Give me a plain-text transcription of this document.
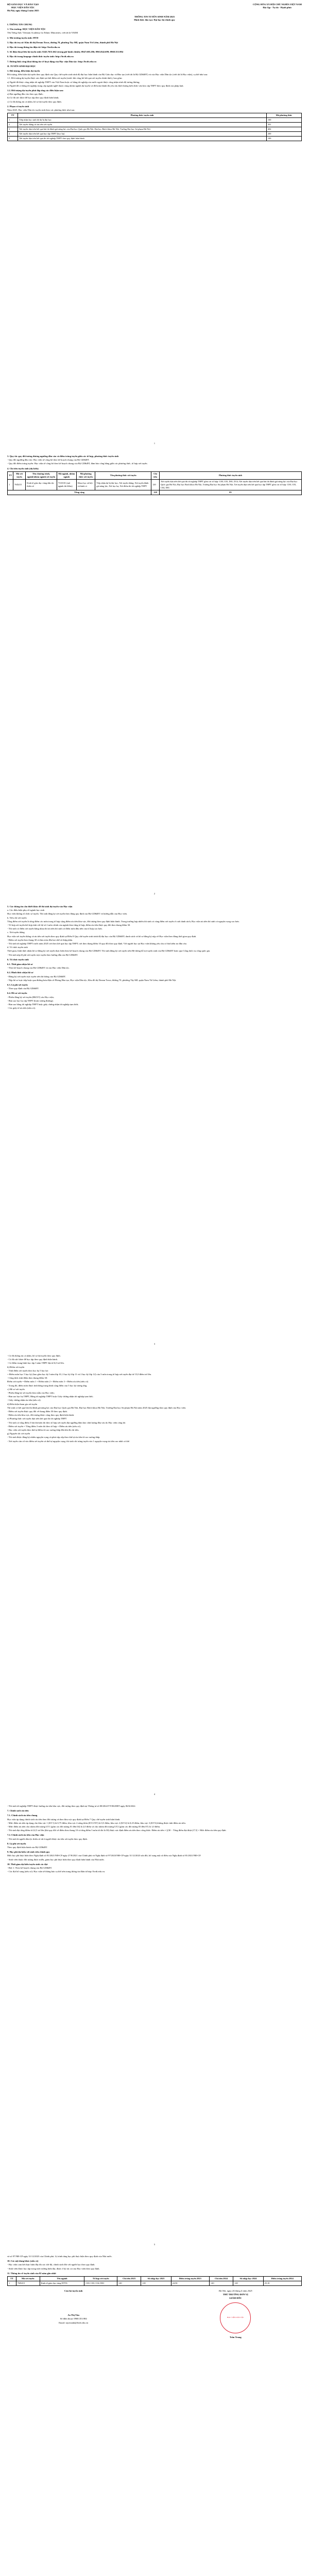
BỘ GIÁO DỤC VÀ ĐÀO TẠO
HỌC VIỆN DÂN TỘC
CỘNG HÒA XÃ HỘI CHỦ NGHĨA VIỆT NAM
Độc lập - Tự do - Hạnh phúc
Hà Nội, ngày tháng 4 năm 2025
THÔNG TIN TUYỂN SINH NĂM 2025
Hình thức đào tạo: Đại học hệ chính quy
I. THÔNG TIN CHUNG
1. Tên trường: HỌC VIỆN DÂN TỘC
Tên Tiếng Anh: Vietnam Academy for Ethnic Minorities, viết tắt là VAEM
2. Mã trường tuyển sinh: HVD
3. Địa chỉ trụ sở: Khu đô thị Dream Town, đường 70, phường Tây Mỗ, quận Nam Từ Liêm, thành phố Hà Nội
4. Địa chỉ trang thông tin điện tử: http://hvdt.edu.vn
5. Số điện thoại liên hệ tuyển sinh: 0243.7631.662 (trong giờ hành chính); 0947.605.286; 0963.842.699; 0968.353.984
6. Địa chỉ trang fanpage chính thức tuyển sinh: http://hvdt.edu.vn
7. Đường link công khai thông tin về hoạt động của Học viện Dân tộc: http://hvdt.edu.vn
II. TUYỂN SINH ĐẠI HỌC
1. Đối tượng, điều kiện dự tuyển
Đối tượng, điều kiện dự tuyển theo quy định của Quy chế tuyển sinh trình độ đại học hiện hành của Bộ Giáo dục và Đào tạo (viết tắt là Bộ GD&ĐT) và của Học viện Dân tộc (viết tắt là Học viện), cụ thể như sau:
1.1. Đối tượng dự tuyển được xác định tại thời điểm xét tuyển (trước khi công bố kết quả xét tuyển chính thức), bao gồm:
a) Người đã được công nhận tốt nghiệp THPT của Việt Nam hoặc có bằng tốt nghiệp của nước ngoài được công nhận trình độ tương đương;
b) Người đã có bằng tốt nghiệp trung cấp ngành nghề thuộc cùng nhóm ngành dự tuyển và đã hoàn thành đủ yêu cầu khối lượng kiến thức văn hóa cấp THPT theo quy định của pháp luật.
1.2. Đối tượng dự tuyển phải đáp ứng các điều kiện sau:
a) Đạt ngưỡng đầu vào theo quy định;
b) Có đủ sức khỏe để học tập theo quy định hiện hành;
c) Có đủ thông tin cá nhân, hồ sơ dự tuyển theo quy định.
2. Phạm vi tuyển sinh
Năm 2025, Học viện Dân tộc tuyển sinh theo các phương thức như sau:
TT	Phương thức tuyển sinh	Mã phương thức
1	Tiếp nhận học sinh hệ dự bị đại học	100
2	Xét tuyển thẳng và ưu tiên xét tuyển	301
3	Xét tuyển dựa trên kết quả bài thi đánh giá năng lực của Đại học Quốc gia Hà Nội, Đại học Bách khoa Hà Nội, Trường Đại học Sư phạm Hà Nội	402
4	Xét tuyển dựa trên kết quả học tập THPT (học bạ)	200
5	Xét tuyển dựa trên kết quả thi tốt nghiệp THPT theo quy định hiện hành	100
1
3. Quy tắc quy đổi tương đương ngưỡng đầu vào và điểm trúng tuyển giữa các tổ hợp, phương thức tuyển sinh
- Quy đổi ngưỡng đầu vào: Học viện sẽ công bố theo kế hoạch chung của Bộ GD&ĐT.
- Quy đổi điểm trúng tuyển: Học viện sẽ công bố theo kế hoạch chung của Bộ GD&ĐT, đảm bảo công bằng giữa các phương thức, tổ hợp xét tuyển.
4. Chỉ tiêu tuyển sinh (dự kiến)
TT	Mã xét tuyển	Tên chương trình, ngành/nhóm ngành xét tuyển	Mã ngành, nhóm ngành	Mã phương thức xét tuyển	Tên phương thức xét tuyển	Chỉ tiêu	Phương thức tuyển sinh
1	7SD215	Kinh tế giáo dục vùng dân tộc thiểu số	7310101 (mã ngành thí điểm)	Khoa học xã hội và hành vi	Tiếp nhận dự bị đại học; Xét tuyển thẳng; Xét tuyển đánh giá năng lực; Xét học bạ; Xét điểm thi tốt nghiệp THPT	120	Xét tuyển dựa trên kết quả thi tốt nghiệp THPT gồm các tổ hợp: C00, C03, D01, D14; Xét tuyển dựa trên kết quả bài thi đánh giá năng lực của Đại học Quốc gia Hà Nội, Đại học Bách khoa Hà Nội, Trường Đại học Sư phạm Hà Nội; Xét tuyển dựa trên kết quả học tập THPT gồm các tổ hợp: C00, C03, C04, D01
Tổng cộng						120	05
2
5. Các thông tin cần thiết khác để thí sinh dự tuyển vào Học viện
a. Các điều kiện phụ về ngành học sinh
Học viện không tổ chức sơ tuyển. Thí sinh đăng ký xét tuyển theo đúng quy định của Bộ GD&ĐT và hướng dẫn của Học viện.
b. Tiêu chí xét tuyển
Tổng điểm xét tuyển là tổng điểm các môn trong tổ hợp cộng điểm ưu tiên khu vực, đối tượng theo quy định hiện hành. Trong trường hợp nhiều thí sinh có cùng điểm xét tuyển ở cuối danh sách, Học viện ưu tiên thí sinh có nguyện vọng cao hơn.
- Tổ hợp xét tuyển kết hợp tính với hệ số 2 môn chính của ngành theo từng tổ hợp; điểm ưu tiên được quy đổi theo thang điểm 30.
- Thí sinh có điểm xét tuyển bằng nhau thì ưu tiên thí sinh có điểm môn đầu tiên của tổ hợp cao hơn.
c. Xét tuyển thẳng
Học viện xét tuyển thẳng và ưu tiên xét tuyển theo quy định tại Điều 8 Quy chế tuyển sinh trình độ đại học của Bộ GD&ĐT; danh sách và hồ sơ đăng ký nộp về Học viện theo đúng thời gian quy định.
- Điểm xét tuyển theo thang 30 và làm tròn đến hai chữ số thập phân.
- Thí sinh tốt nghiệp THPT trước năm 2025 xét theo kết quả học tập THPT; xét theo thang điểm 10 quy đổi theo quy định. Với người học tại Học viện không yêu cầu có bài kiểm tra đầu vào.
d. Tổ chức tuyển sinh
Thời gian, hình thức nhận hồ sơ đăng ký xét tuyển thực hiện theo kế hoạch chung của Bộ GD&ĐT. Thí sinh đăng ký xét tuyển trên Hệ thống hỗ trợ tuyển sinh của Bộ GD&ĐT hoặc qua Cổng dịch vụ công quốc gia.
- Thí sinh nộp lệ phí xét tuyển trực tuyến theo hướng dẫn của Bộ GD&ĐT.
6. Tổ chức tuyển sinh
6.1. Thời gian nhận hồ sơ
- Theo kế hoạch chung của Bộ GD&ĐT và của Học viện Dân tộc.
6.2. Hình thức nhận hồ sơ
- Đăng ký xét tuyển trực tuyến trên hệ thống của Bộ GD&ĐT.
- Nộp hồ sơ trực tiếp hoặc qua đường bưu điện về Phòng Đào tạo, Học viện Dân tộc, Khu đô thị Dream Town, đường 70, phường Tây Mỗ, quận Nam Từ Liêm, thành phố Hà Nội.
6.3. Lệ phí xét tuyển
- Theo quy định của Bộ GD&ĐT.
6.4. Hồ sơ xét tuyển
- Phiếu đăng ký xét tuyển (ĐKXT) vào Học viện;
- Bản sao học bạ cấp THPT (hoặc tương đương);
- Bản sao bằng tốt nghiệp THPT hoặc giấy chứng nhận tốt nghiệp tạm thời;
- Các giấy tờ ưu tiên (nếu có).
3
- Có đủ thông tin cá nhân, hồ sơ dự tuyển theo quy định.
- Có đủ sức khỏe để học tập theo quy định hiện hành.
- Có điểm trung bình học tập 3 năm THPT đạt từ 6,0 trở lên.
b) Điểm xét tuyển
- Tính điểm xét tuyển theo học bạ 5 học kỳ:
+ Điểm môn học 5 học kỳ (bao gồm học kỳ I năm lớp 10, 2 học kỳ lớp 11 và 2 học kỳ lớp 12) của 3 môn trong tổ hợp xét tuyển đạt từ 15,0 điểm trở lên.
- Công thức tính điểm theo thang điểm 30:
Điểm xét tuyển = Điểm môn 1 + Điểm môn 2 + Điểm môn 3 + Điểm ưu tiên (nếu có)
- Trong đó, điểm môn được tính bằng trung bình cộng điểm của 5 học kỳ tương ứng.
c) Hồ sơ xét tuyển
- Phiếu đăng ký xét tuyển theo mẫu của Học viện;
- Bản sao học bạ THPT, Bằng tốt nghiệp THPT hoặc Giấy chứng nhận tốt nghiệp tạm thời;
- Giấy chứng nhận ưu tiên (nếu có).
d) Điều kiện tham gia xét tuyển
Thí sinh có kết quả bài thi đánh giá năng lực của Đại học Quốc gia Hà Nội, Đại học Bách khoa Hà Nội, Trường Đại học Sư phạm Hà Nội năm 2025 đạt ngưỡng theo quy định của Học viện.
- Điểm xét tuyển được quy đổi về thang điểm 30 theo quy định.
- Điểm ưu tiên khu vực, đối tượng được cộng theo quy định hiện hành.
e) Phương thức xét tuyển dựa trên kết quả thi tốt nghiệp THPT
- Thí sinh có tổng điểm 3 bài thi/môn thi theo tổ hợp xét tuyển đạt ngưỡng đảm bảo chất lượng đầu vào do Học viện công bố.
- Điểm xét tuyển = Tổng điểm 3 môn thi theo tổ hợp + Điểm ưu tiên (nếu có).
- Học viện xét tuyển theo thứ tự điểm từ cao xuống thấp đến khi đủ chỉ tiêu.
g) Nguyên tắc xét tuyển
- Thí sinh được đăng ký nhiều nguyện vọng và phải sắp xếp theo thứ tự ưu tiên từ cao xuống thấp.
- Xét tuyển căn cứ vào điểm xét tuyển và thứ tự nguyện vọng; thí sinh chỉ trúng tuyển vào 1 nguyện vọng ưu tiên cao nhất có thể.
4
- Thí sinh tốt nghiệp THPT được hưởng ưu tiên khu vực, đối tượng theo quy định tại Thông tư số 08/2022/TT-BGDĐT ngày 06/6/2022.
7. Chính sách ưu tiên
7.1. Chính sách ưu tiên chung
Học viện áp dụng chính sách ưu tiên theo đối tượng và theo khu vực quy định tại Điều 7 Quy chế tuyển sinh hiện hành.
- Mức điểm ưu tiên áp dụng cho khu vực 1 (KV1) là 0,75 điểm, khu vực 2 nông thôn (KV2-NT) là 0,5 điểm, khu vực 2 (KV2) là 0,25 điểm; khu vực 3 (KV3) không được tính điểm ưu tiên.
- Mức điểm ưu tiên cho nhóm đối tượng UT1 (gồm các đối tượng 01 đến 04) là 2,0 điểm và cho nhóm đối tượng UT2 (gồm các đối tượng 05 đến 07) là 1,0 điểm.
- Thí sinh đạt tổng điểm từ 22,5 trở lên (khi quy đổi về điểm theo thang 10 và tổng điểm 3 môn tối đa là 30) được xác định điểm ưu tiên theo công thức: Điểm ưu tiên = [(30 − Tổng điểm đạt được)/7,5] × Mức điểm ưu tiên quy định.
7.2. Chính sách ưu tiên của Học viện
- Thí sinh là người dân tộc thiểu số rất ít người được ưu tiên xét tuyển theo quy định.
8. Lệ phí xét tuyển
Theo quy định hiện hành của Bộ GD&ĐT.
9. Học phí dự kiến với sinh viên chính quy
Mức học phí thực hiện theo Nghị định số 81/2021/NĐ-CP ngày 27/8/2021 của Chính phủ và Nghị định số 97/2023/NĐ-CP ngày 31/12/2023 sửa đổi, bổ sung một số điều của Nghị định số 81/2021/NĐ-CP.
- Sinh viên thuộc đối tượng được miễn, giảm học phí thực hiện theo quy định hiện hành của Nhà nước.
10. Thời gian dự kiến tuyển sinh các đợt
- Đợt 1: Theo kế hoạch chung của Bộ GD&ĐT.
- Các đợt bổ sung (nếu có): Học viện sẽ thông báo cụ thể trên trang thông tin điện tử http://hvdt.edu.vn.
5
và số 97/NĐ-CP ngày 31/12/2023 của Chính phủ. Lộ trình tăng học phí thực hiện theo quy định của Nhà nước.
10. Các nội dung khác (nếu có)
- Học viện cam kết thực hiện đầy đủ các chế độ, chính sách đối với người học theo quy định.
- Sinh viên được học tập trong môi trường hiện đại, được ở ký túc xá của Học viện theo quy định.
11. Thông tin về tuyển sinh của 02 năm gần nhất
TT	Mã xét tuyển	Tên ngành	Tổ hợp xét tuyển	Chỉ tiêu 2023	Số nhập học 2023	Điểm trúng tuyển 2023	Chỉ tiêu 2024	Số nhập học 2024	Điểm trúng tuyển 2024
1	7SD215	Kinh tế giáo dục vùng DTTS	C00, C03, C04, D01	120	118	24,50	120	120	25,10
Cán bộ tuyển sinh
Ao Thị Tân
Số điện thoại: 0968.353.984
Email: tuyensinh@hvdt.edu.vn
Hà Nội, ngày 24 tháng 4 năm 2025
THỦ TRƯỞNG ĐƠN VỊ
GIÁM ĐỐC
HỌC VIỆN DÂN TỘC
Trần Trung
